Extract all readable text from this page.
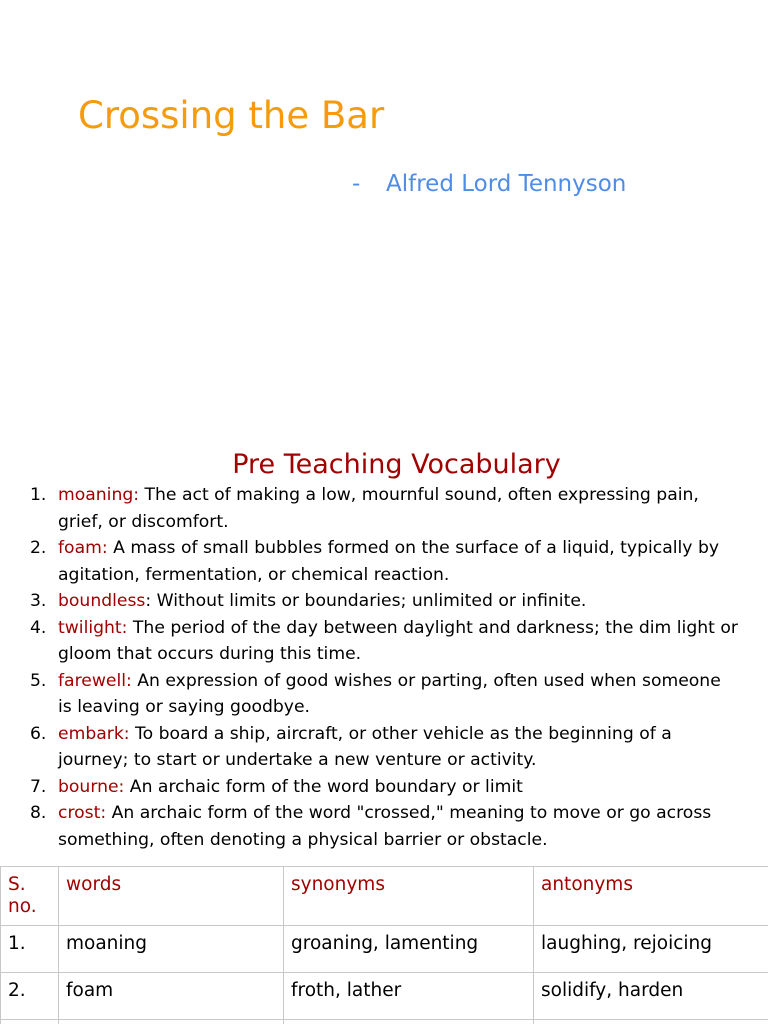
Crossing the Bar
- Alfred Lord Tennyson
Pre Teaching Vocabulary
1. moaning: The act of making a low, mournful sound, often expressing pain, grief, or discomfort.
2. foam: A mass of small bubbles formed on the surface of a liquid, typically by agitation, fermentation, or chemical reaction.
3. boundless: Without limits or boundaries; unlimited or infinite.
4. twilight: The period of the day between daylight and darkness; the dim light or gloom that occurs during this time.
5. farewell: An expression of good wishes or parting, often used when someone is leaving or saying goodbye.
6. embark: To board a ship, aircraft, or other vehicle as the beginning of a journey; to start or undertake a new venture or activity.
7. bourne: An archaic form of the word boundary or limit
8. crost: An archaic form of the word "crossed," meaning to move or go across something, often denoting a physical barrier or obstacle.
S. no.	words	synonyms	antonyms
1.	moaning	groaning, lamenting	laughing, rejoicing
2.	foam	froth, lather	solidify, harden
